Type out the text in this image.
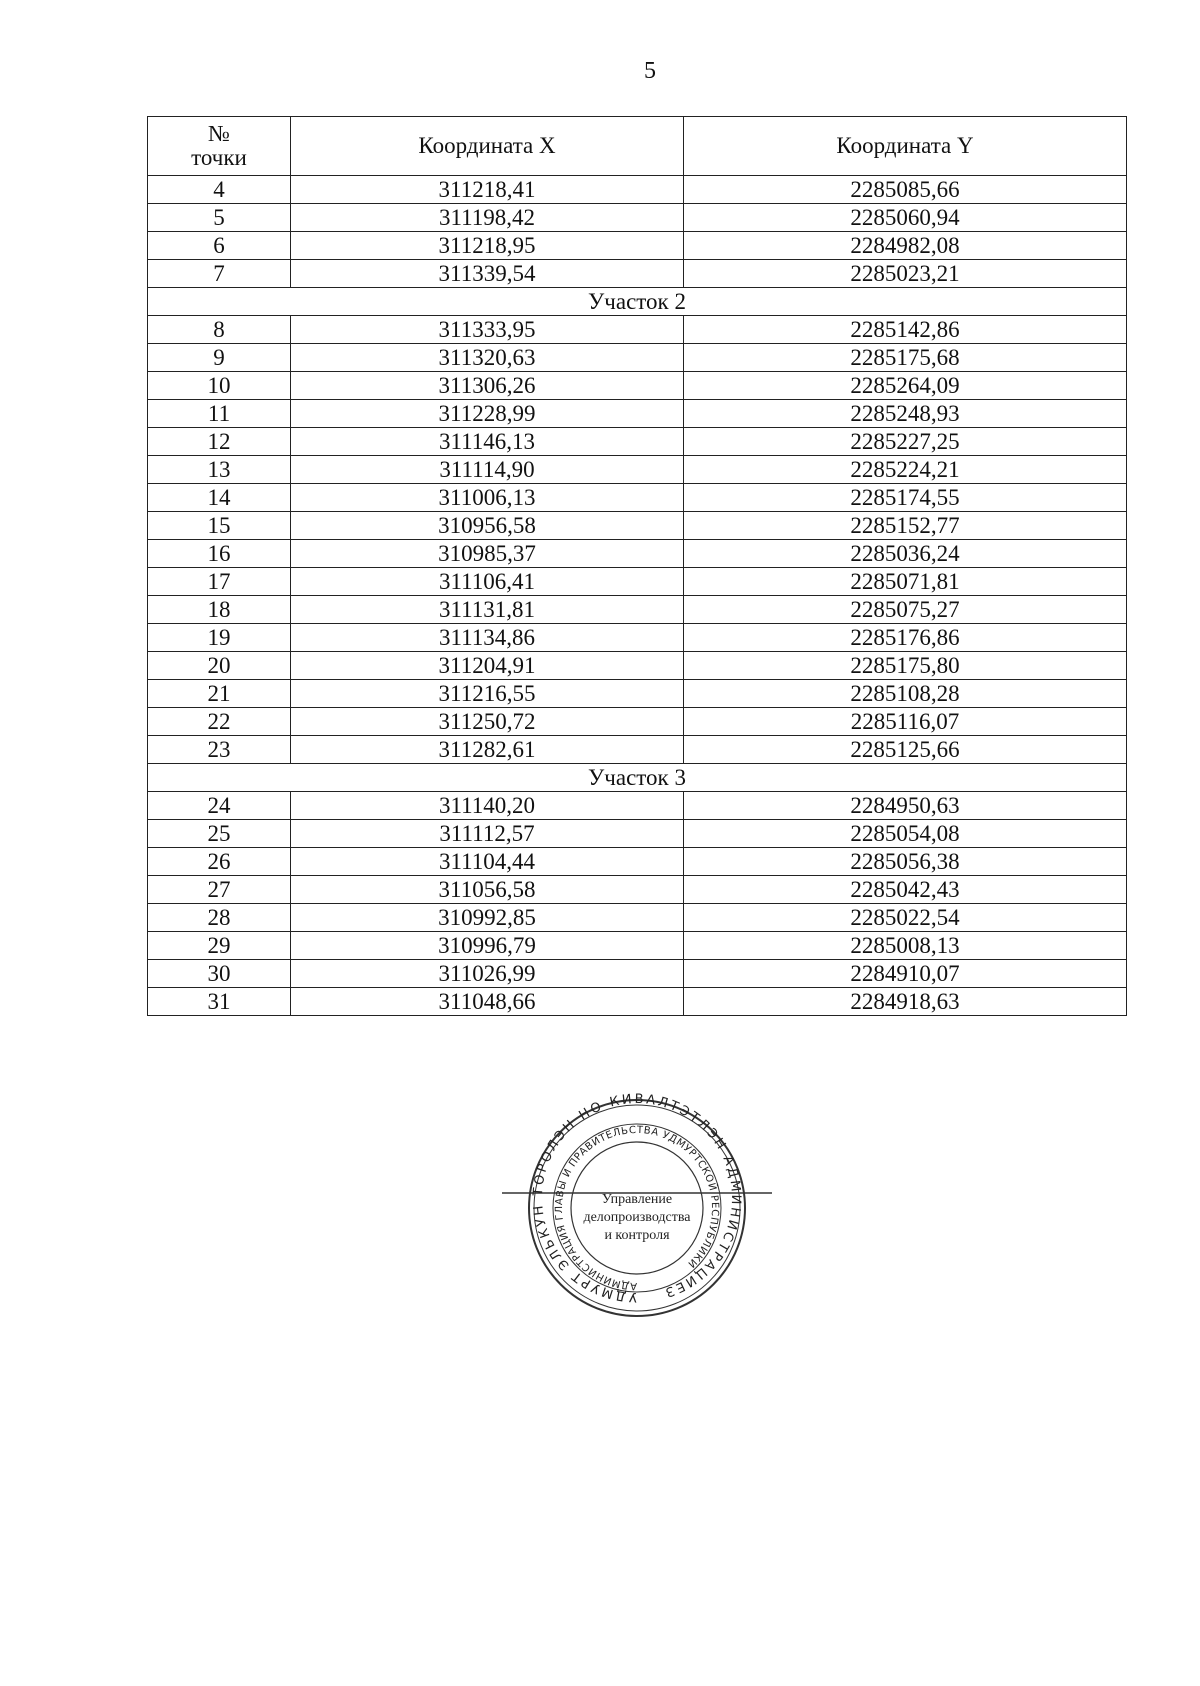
5
№
точки	Координата X	Координата Y
4	311218,41	2285085,66
5	311198,42	2285060,94
6	311218,95	2284982,08
7	311339,54	2285023,21
Участок 2		
8	311333,95	2285142,86
9	311320,63	2285175,68
10	311306,26	2285264,09
11	311228,99	2285248,93
12	311146,13	2285227,25
13	311114,90	2285224,21
14	311006,13	2285174,55
15	310956,58	2285152,77
16	310985,37	2285036,24
17	311106,41	2285071,81
18	311131,81	2285075,27
19	311134,86	2285176,86
20	311204,91	2285175,80
21	311216,55	2285108,28
22	311250,72	2285116,07
23	311282,61	2285125,66
Участок 3		
24	311140,20	2284950,63
25	311112,57	2285054,08
26	311104,44	2285056,38
27	311056,58	2285042,43
28	310992,85	2285022,54
29	310996,79	2285008,13
30	311026,99	2284910,07
31	311048,66	2284918,63
УДМУРТ ЭЛЬКУН ТОРОЛЭН НО КИВАЛТЭТЛЭН АДМИНИСТРАЦИЕЗ
АДМИНИСТРАЦИЯ ГЛАВЫ И ПРАВИТЕЛЬСТВА УДМУРТСКОЙ РЕСПУБЛИКИ
Управление
делопроизводства
и контроля
